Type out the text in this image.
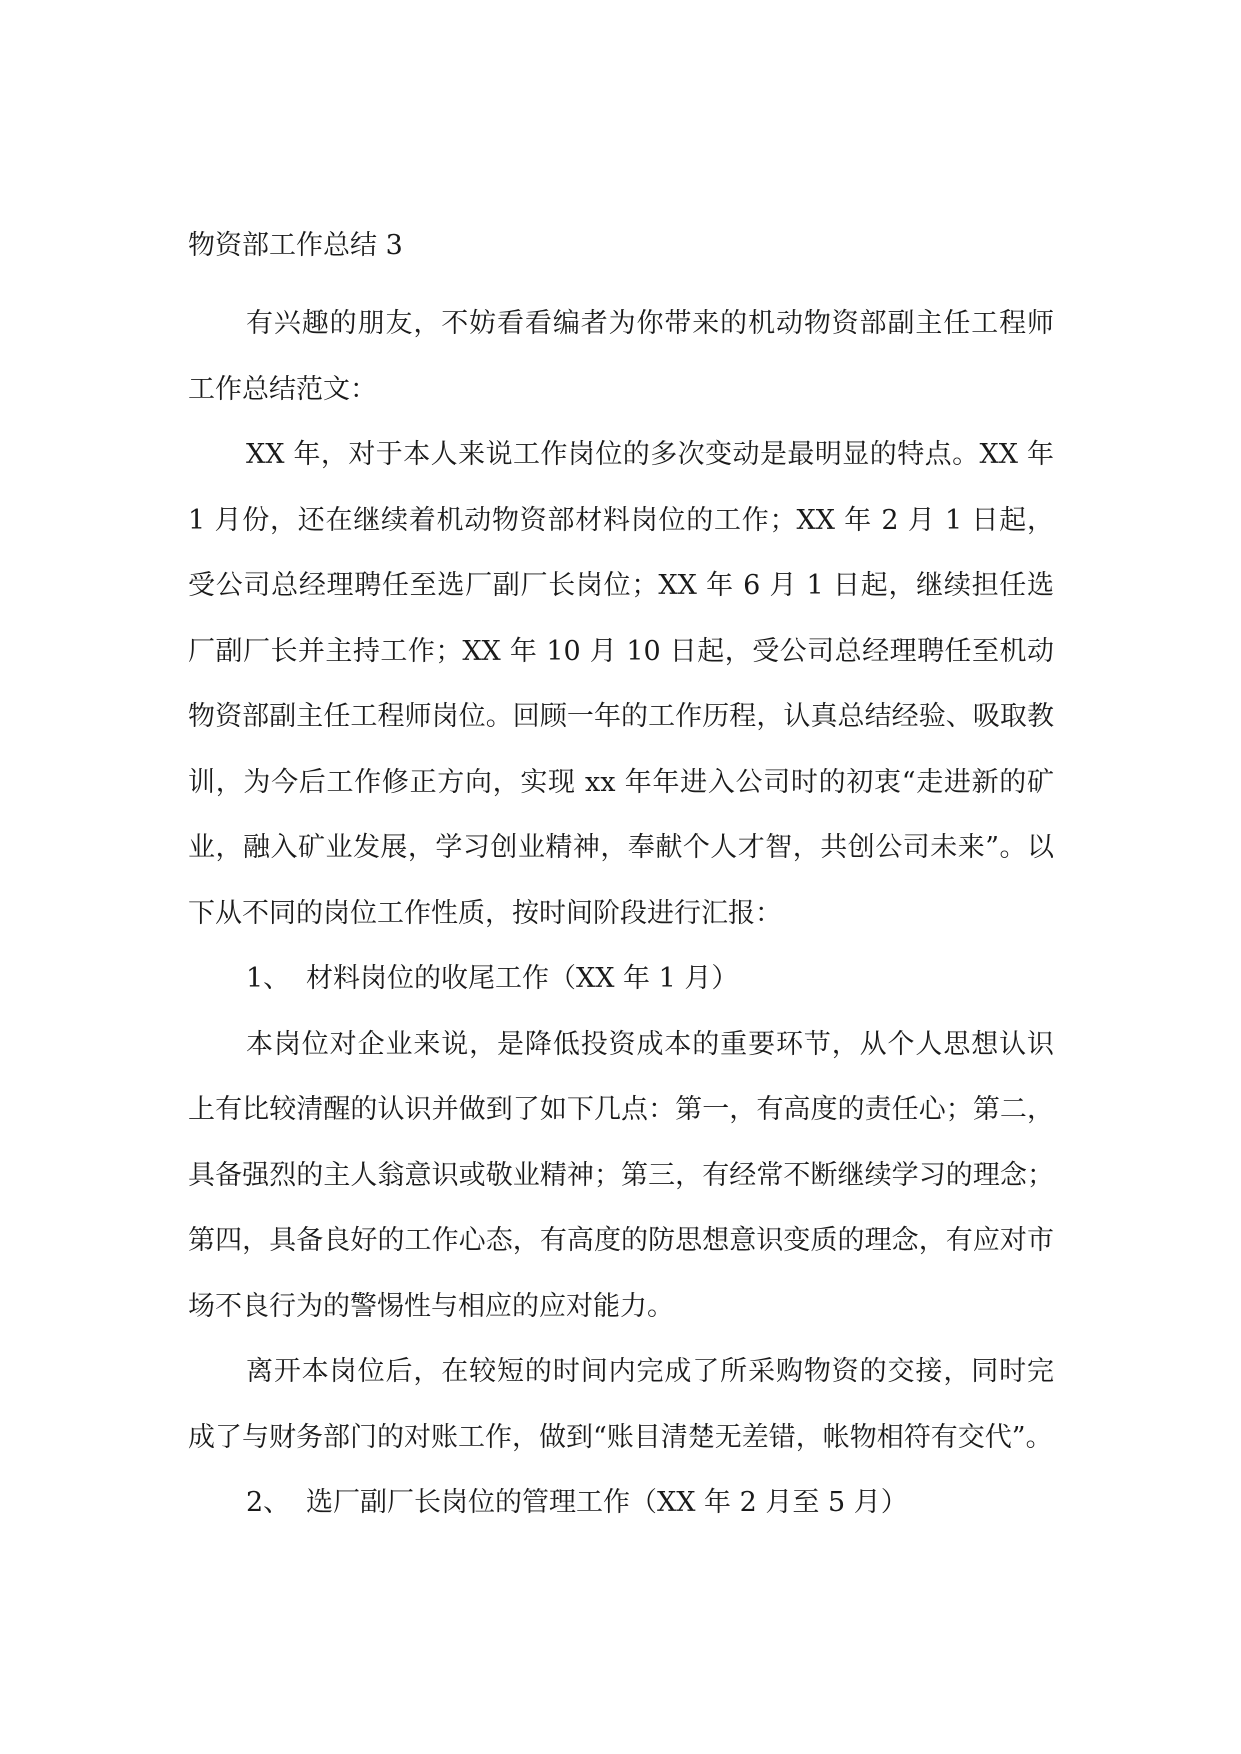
物资部工作总结 3

有兴趣的朋友，不妨看看编者为你带来的机动物资部副主任工程师工作总结范文：

XX 年，对于本人来说工作岗位的多次变动是最明显的特点。XX 年 1 月份，还在继续着机动物资部材料岗位的工作；XX 年 2 月 1 日起，受公司总经理聘任至选厂副厂长岗位；XX 年 6 月 1 日起，继续担任选厂副厂长并主持工作；XX 年 10 月 10 日起，受公司总经理聘任至机动物资部副主任工程师岗位。回顾一年的工作历程，认真总结经验、吸取教训，为今后工作修正方向，实现 xx 年年进入公司时的初衷“走进新的矿业，融入矿业发展，学习创业精神，奉献个人才智，共创公司未来”。以下从不同的岗位工作性质，按时间阶段进行汇报：

1、 材料岗位的收尾工作（XX 年 1 月）

本岗位对企业来说，是降低投资成本的重要环节，从个人思想认识上有比较清醒的认识并做到了如下几点：第一，有高度的责任心；第二，具备强烈的主人翁意识或敬业精神；第三，有经常不断继续学习的理念；第四，具备良好的工作心态，有高度的防思想意识变质的理念，有应对市场不良行为的警惕性与相应的应对能力。

离开本岗位后，在较短的时间内完成了所采购物资的交接，同时完成了与财务部门的对账工作，做到“账目清楚无差错，帐物相符有交代”。

2、 选厂副厂长岗位的管理工作（XX 年 2 月至 5 月）
